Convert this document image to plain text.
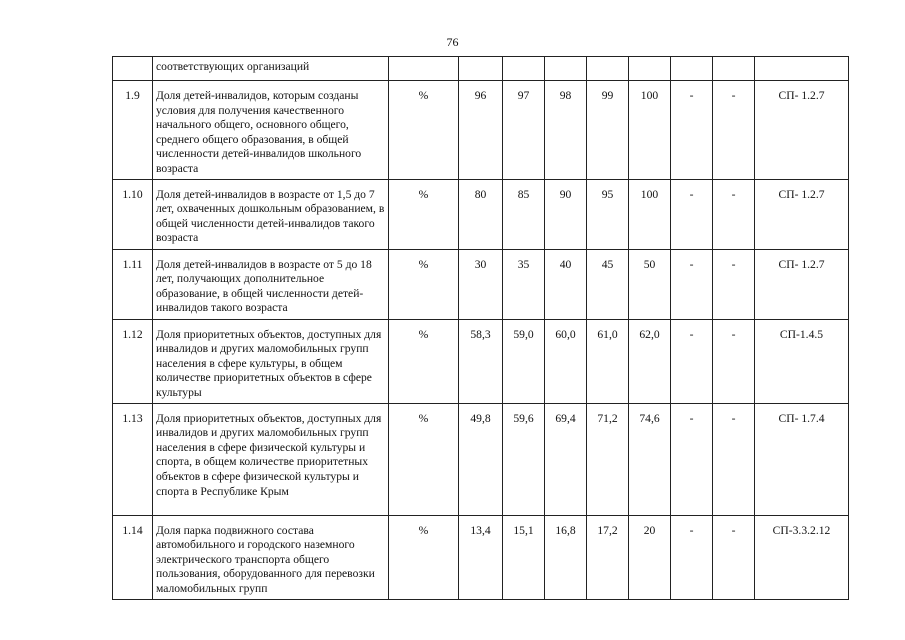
76
	соответствующих организаций									
1.9	Доля детей-инвалидов, которым созданы условия для получения качественного начального общего, основного общего, среднего общего образования, в общей численности детей-инвалидов школьного возраста	%	96	97	98	99	100	-	-	СП- 1.2.7
1.10	Доля детей-инвалидов в возрасте от 1,5 до 7 лет, охваченных дошкольным образованием, в общей численности детей-инвалидов такого возраста	%	80	85	90	95	100	-	-	СП- 1.2.7
1.11	Доля детей-инвалидов в возрасте от 5 до 18 лет, получающих дополнительное образование, в общей численности детей-инвалидов такого возраста	%	30	35	40	45	50	-	-	СП- 1.2.7
1.12	Доля приоритетных объектов, доступных для инвалидов и других маломобильных групп населения в сфере культуры, в общем количестве приоритетных объектов в сфере культуры	%	58,3	59,0	60,0	61,0	62,0	-	-	СП-1.4.5
1.13	Доля приоритетных объектов, доступных для инвалидов и других маломобильных групп населения в сфере физической культуры и спорта, в общем количестве приоритетных объектов в сфере физической культуры и спорта в Республике Крым	%	49,8	59,6	69,4	71,2	74,6	-	-	СП- 1.7.4
1.14	Доля парка подвижного состава автомобильного и городского наземного электрического транспорта общего пользования, оборудованного для перевозки маломобильных групп	%	13,4	15,1	16,8	17,2	20	-	-	СП-3.3.2.12
